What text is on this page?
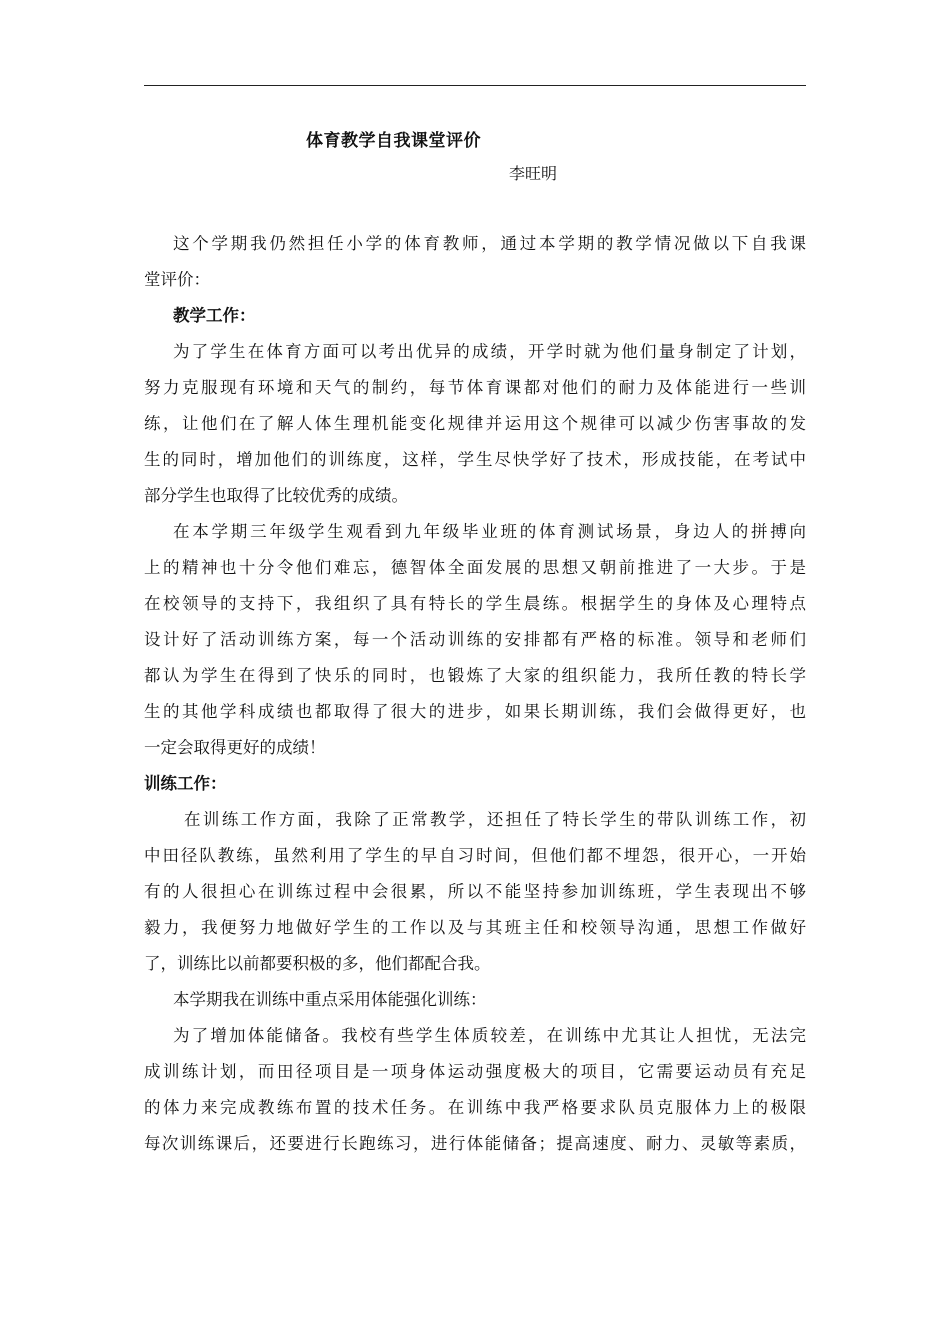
体育教学自我课堂评价
李旺明
这个学期我仍然担任小学的体育教师，通过本学期的教学情况做以下自我课
堂评价：
教学工作：
为了学生在体育方面可以考出优异的成绩，开学时就为他们量身制定了计划，
努力克服现有环境和天气的制约，每节体育课都对他们的耐力及体能进行一些训
练，让他们在了解人体生理机能变化规律并运用这个规律可以减少伤害事故的发
生的同时，增加他们的训练度，这样，学生尽快学好了技术，形成技能，在考试中
部分学生也取得了比较优秀的成绩。
在本学期三年级学生观看到九年级毕业班的体育测试场景，身边人的拼搏向
上的精神也十分令他们难忘，德智体全面发展的思想又朝前推进了一大步。于是
在校领导的支持下，我组织了具有特长的学生晨练。根据学生的身体及心理特点
设计好了活动训练方案，每一个活动训练的安排都有严格的标准。领导和老师们
都认为学生在得到了快乐的同时，也锻炼了大家的组织能力，我所任教的特长学
生的其他学科成绩也都取得了很大的进步，如果长期训练，我们会做得更好，也
一定会取得更好的成绩！
训练工作：
在训练工作方面，我除了正常教学，还担任了特长学生的带队训练工作，初
中田径队教练，虽然利用了学生的早自习时间，但他们都不埋怨，很开心，一开始
有的人很担心在训练过程中会很累，所以不能坚持参加训练班，学生表现出不够
毅力，我便努力地做好学生的工作以及与其班主任和校领导沟通，思想工作做好
了，训练比以前都要积极的多，他们都配合我。
本学期我在训练中重点采用体能强化训练：
为了增加体能储备。我校有些学生体质较差，在训练中尤其让人担忧，无法完
成训练计划，而田径项目是一项身体运动强度极大的项目，它需要运动员有充足
的体力来完成教练布置的技术任务。在训练中我严格要求队员克服体力上的极限
每次训练课后，还要进行长跑练习，进行体能储备；提高速度、耐力、灵敏等素质，
